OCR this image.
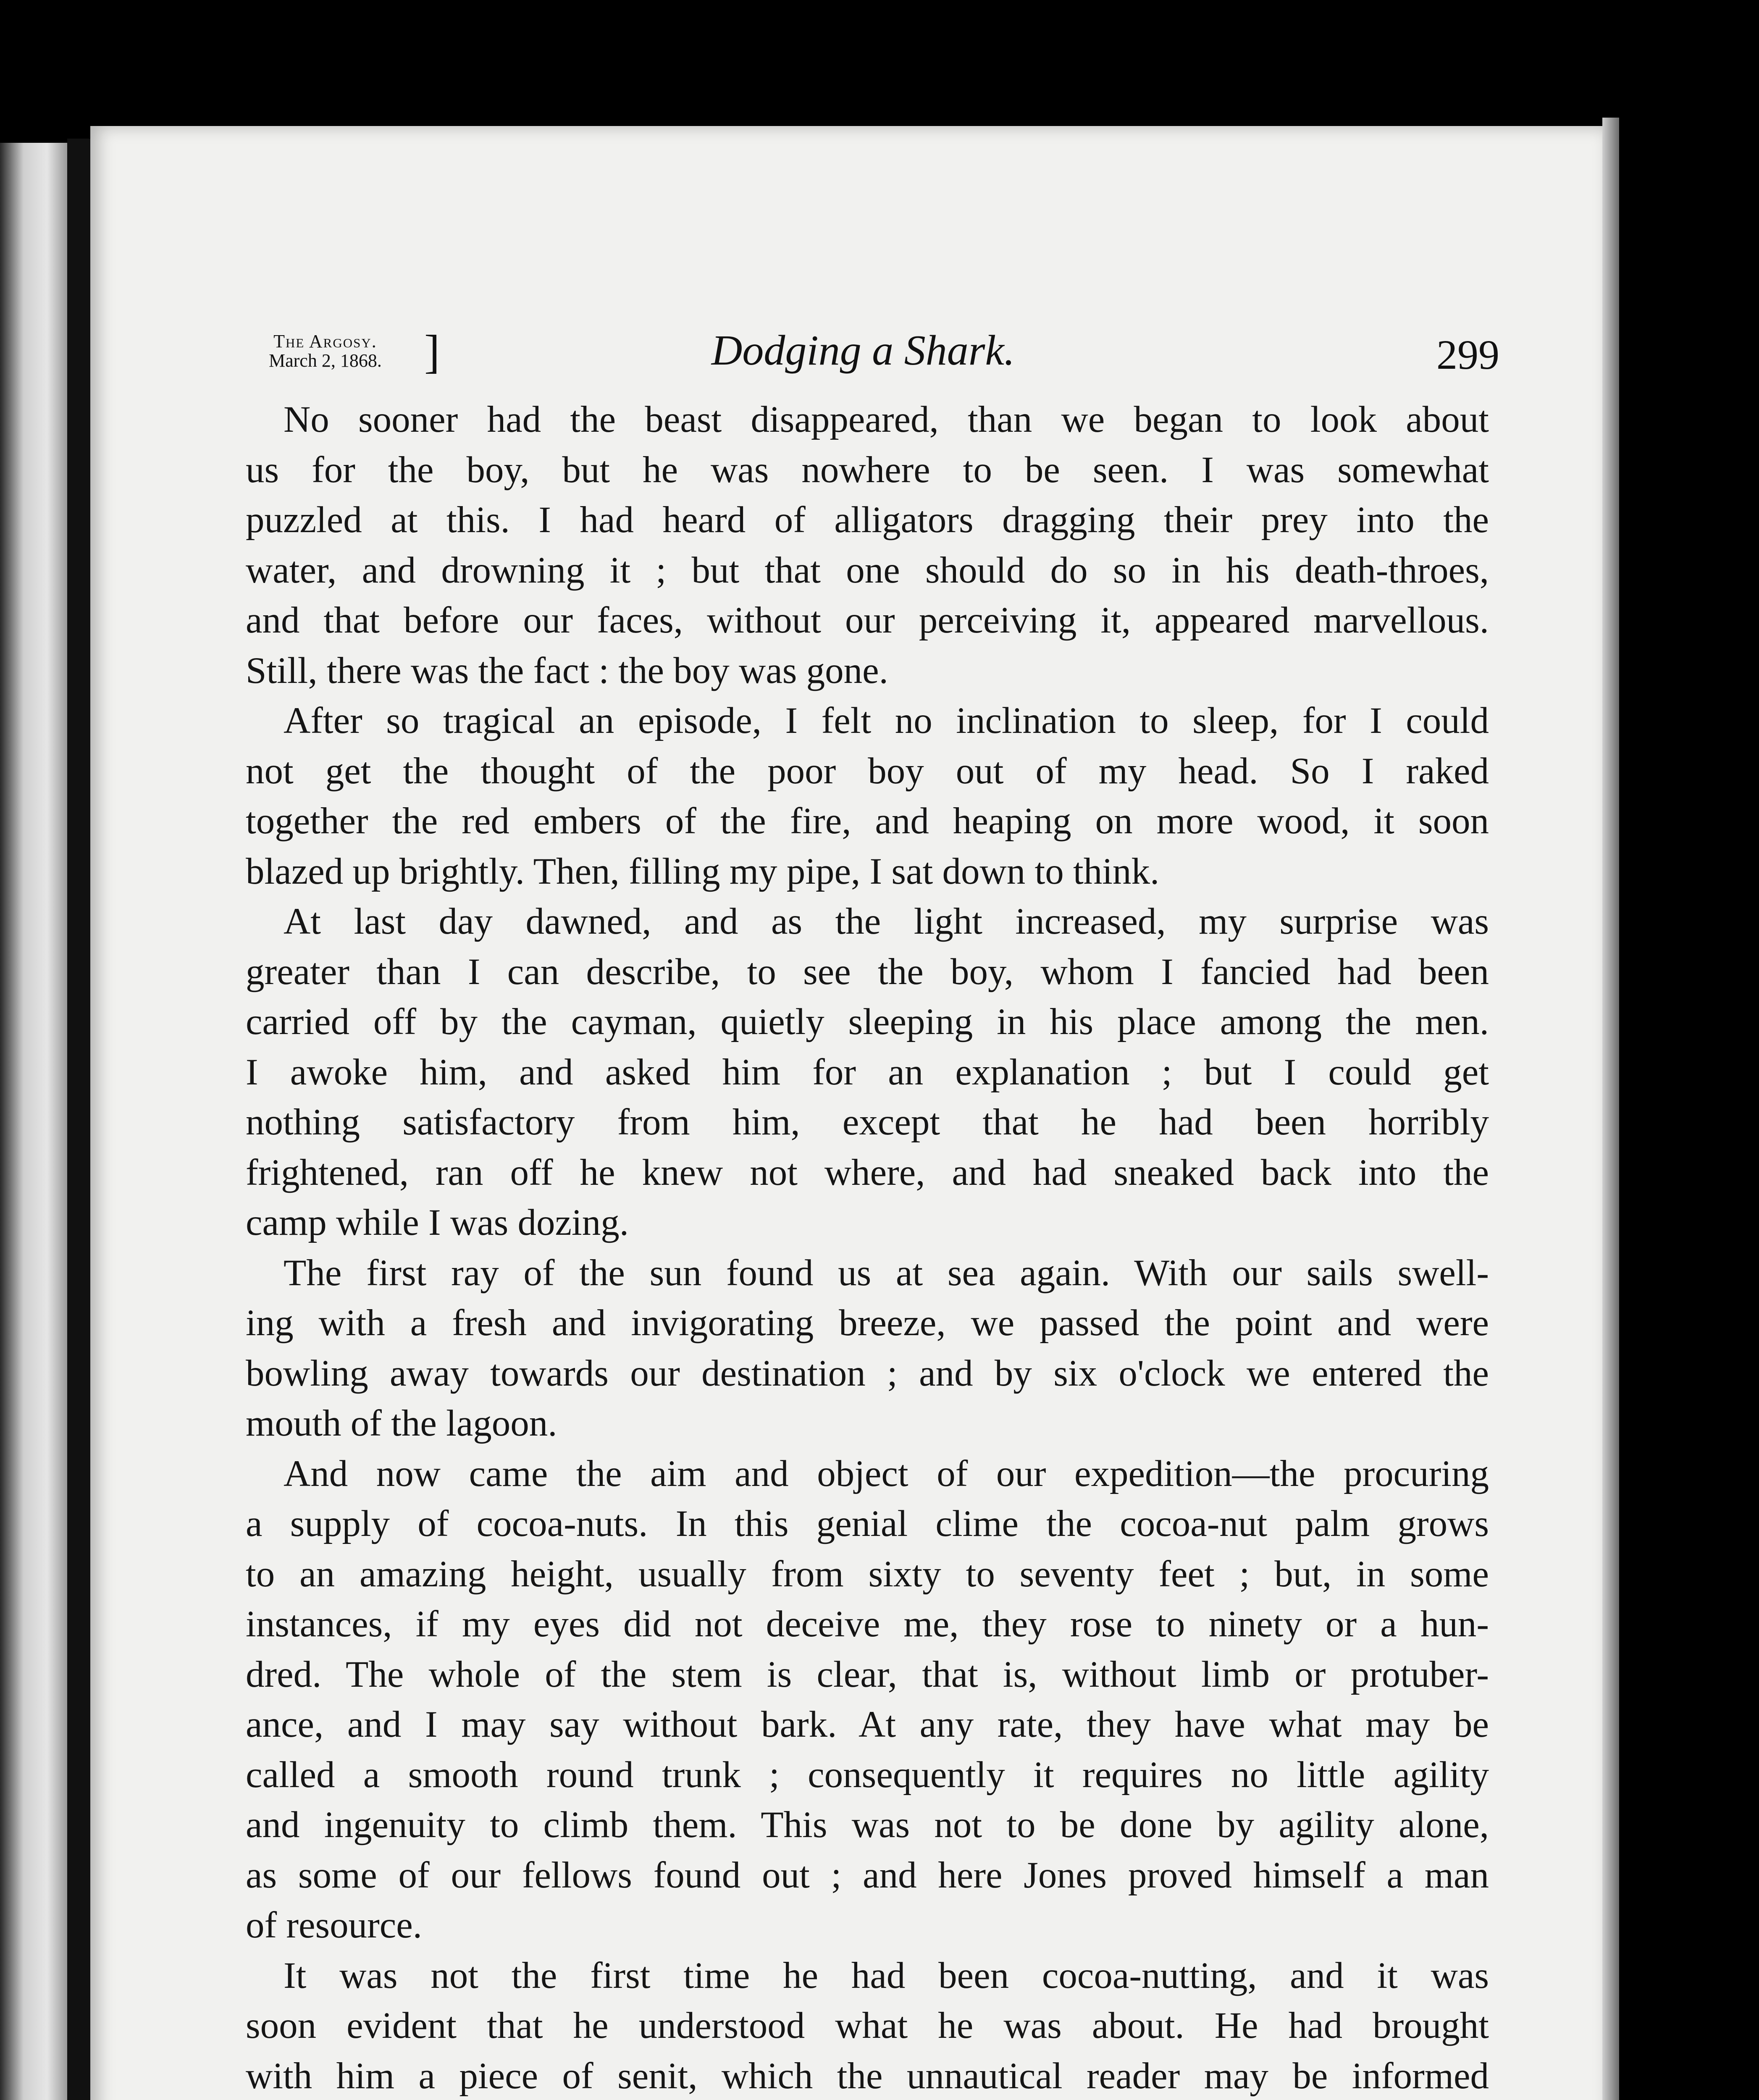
The Argosy.
March 2, 1868. ]	Dodging a Shark.	299
No sooner had the beast disappeared, than we began to look about
us for the boy, but he was nowhere to be seen. I was somewhat
puzzled at this. I had heard of alligators dragging their prey into the
water, and drowning it ; but that one should do so in his death-throes,
and that before our faces, without our perceiving it, appeared marvellous.
Still, there was the fact : the boy was gone.
After so tragical an episode, I felt no inclination to sleep, for I could
not get the thought of the poor boy out of my head. So I raked
together the red embers of the fire, and heaping on more wood, it soon
blazed up brightly. Then, filling my pipe, I sat down to think.
At last day dawned, and as the light increased, my surprise was
greater than I can describe, to see the boy, whom I fancied had been
carried off by the cayman, quietly sleeping in his place among the men.
I awoke him, and asked him for an explanation ; but I could get
nothing satisfactory from him, except that he had been horribly
frightened, ran off he knew not where, and had sneaked back into the
camp while I was dozing.
The first ray of the sun found us at sea again. With our sails swell-
ing with a fresh and invigorating breeze, we passed the point and were
bowling away towards our destination ; and by six o'clock we entered the
mouth of the lagoon.
And now came the aim and object of our expedition—the procuring
a supply of cocoa-nuts. In this genial clime the cocoa-nut palm grows
to an amazing height, usually from sixty to seventy feet ; but, in some
instances, if my eyes did not deceive me, they rose to ninety or a hun-
dred. The whole of the stem is clear, that is, without limb or protuber-
ance, and I may say without bark. At any rate, they have what may be
called a smooth round trunk ; consequently it requires no little agility
and ingenuity to climb them. This was not to be done by agility alone,
as some of our fellows found out ; and here Jones proved himself a man
of resource.
It was not the first time he had been cocoa-nutting, and it was
soon evident that he understood what he was about. He had brought
with him a piece of senit, which the unnautical reader may be informed
